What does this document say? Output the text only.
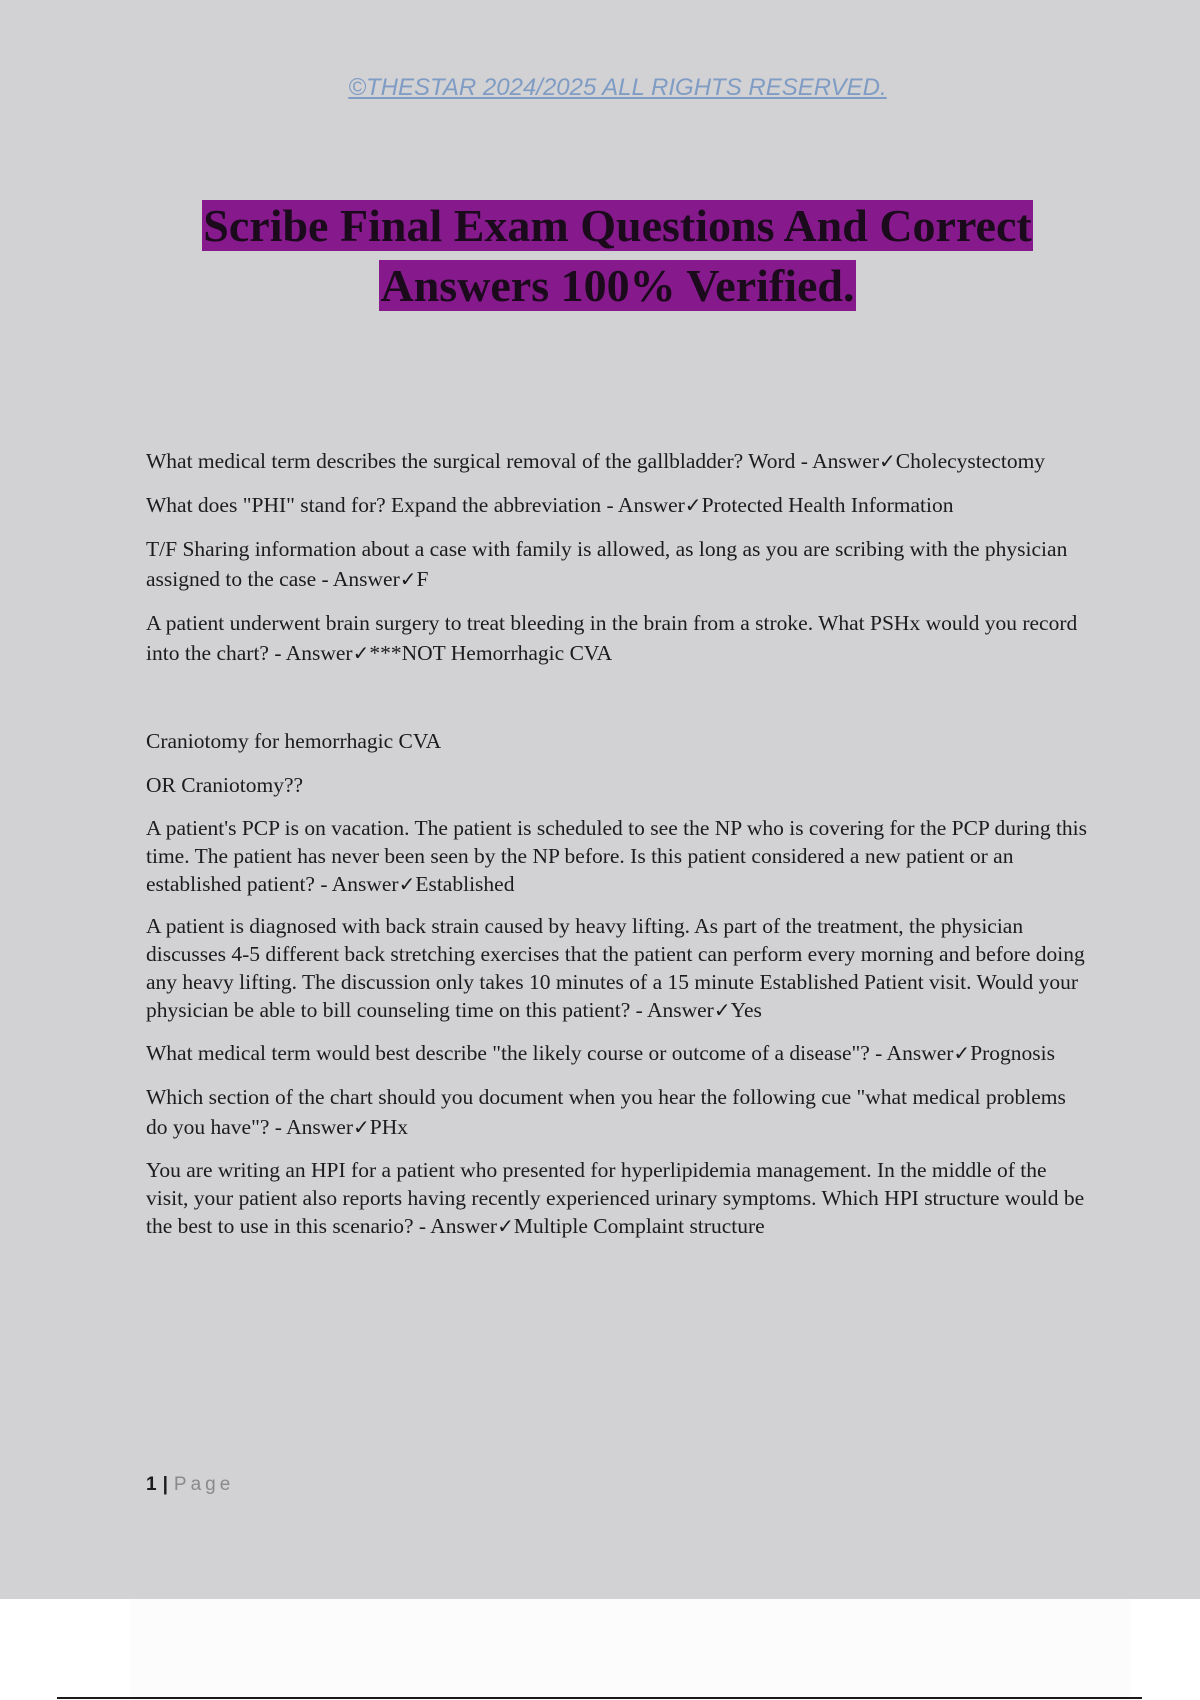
©THESTAR 2024/2025 ALL RIGHTS RESERVED.
Scribe Final Exam Questions And Correct
Answers 100% Verified.

What medical term describes the surgical removal of the gallbladder? Word - Answer✓Cholecystectomy

What does "PHI" stand for? Expand the abbreviation - Answer✓Protected Health Information

T/F Sharing information about a case with family is allowed, as long as you are scribing with the physician assigned to the case - Answer✓F

A patient underwent brain surgery to treat bleeding in the brain from a stroke. What PSHx would you record into the chart? - Answer✓***NOT Hemorrhagic CVA

Craniotomy for hemorrhagic CVA

OR Craniotomy??

A patient's PCP is on vacation. The patient is scheduled to see the NP who is covering for the PCP during this time. The patient has never been seen by the NP before. Is this patient considered a new patient or an established patient? - Answer✓Established

A patient is diagnosed with back strain caused by heavy lifting. As part of the treatment, the physician discusses 4-5 different back stretching exercises that the patient can perform every morning and before doing any heavy lifting. The discussion only takes 10 minutes of a 15 minute Established Patient visit. Would your physician be able to bill counseling time on this patient? - Answer✓Yes

What medical term would best describe "the likely course or outcome of a disease"? - Answer✓Prognosis

Which section of the chart should you document when you hear the following cue "what medical problems do you have"? - Answer✓PHx

You are writing an HPI for a patient who presented for hyperlipidemia management. In the middle of the visit, your patient also reports having recently experienced urinary symptoms. Which HPI structure would be the best to use in this scenario? - Answer✓Multiple Complaint structure

1 | Page
